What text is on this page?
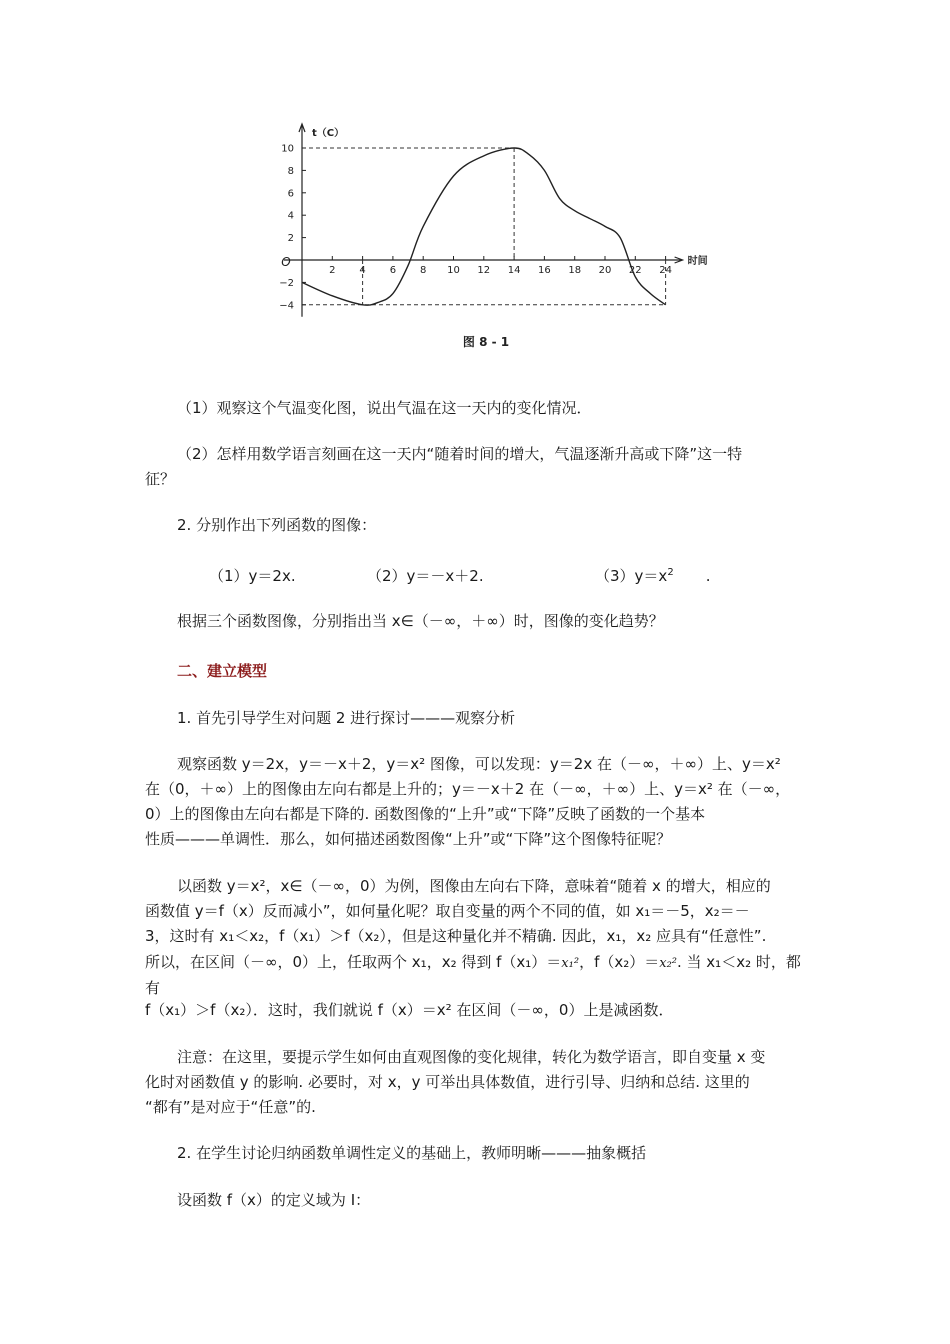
10
8
6
4
2
−2
−4
2 4 6 8 10 12 14 16 18 20 22 24
O
t（C）
时间
图 8 - 1

（1）观察这个气温变化图，说出气温在这一天内的变化情况．

（2）怎样用数学语言刻画在这一天内“随着时间的增大，气温逐渐升高或下降”这一特

征？

2. 分别作出下列函数的图像：

（1）y＝2x.	（2）y＝－x＋2.	$(3)y=x^2$ .

根据三个函数图像，分别指出当 x∈（－∞，＋∞）时，图像的变化趋势？

二、建立模型

1. 首先引导学生对问题 2 进行探讨———观察分析

观察函数 y＝2x，y＝－x＋2，y＝x² 图像，可以发现：y＝2x 在（－∞，＋∞）上、y＝x²

在（0，＋∞）上的图像由左向右都是上升的；y＝－x＋2 在（－∞，＋∞）上、y＝x² 在（－∞，

0）上的图像由左向右都是下降的. 函数图像的“上升”或“下降”反映了函数的一个基本

性质———单调性．那么，如何描述函数图像“上升”或“下降”这个图像特征呢？

以函数 y＝x²，x∈（－∞，0）为例，图像由左向右下降，意味着“随着 x 的增大，相应的

函数值 y＝f（x）反而减小”，如何量化呢？取自变量的两个不同的值，如 x₁＝－5，x₂＝－

3，这时有 x₁＜x₂，f（x₁）＞f（x₂），但是这种量化并不精确. 因此，x₁，x₂ 应具有“任意性”.

所以，在区间（－∞，0）上，任取两个 x₁，x₂ 得到 f（x₁）＝x₁²，f（x₂）＝x₂². 当 x₁＜x₂ 时，都有

f（x₁）＞f（x₂）．这时，我们就说 f（x）＝x² 在区间（－∞，0）上是减函数．

注意：在这里，要提示学生如何由直观图像的变化规律，转化为数学语言，即自变量 x 变

化时对函数值 y 的影响. 必要时，对 x，y 可举出具体数值，进行引导、归纳和总结. 这里的

“都有”是对应于“任意”的.

2. 在学生讨论归纳函数单调性定义的基础上，教师明晰———抽象概括

设函数 f（x）的定义域为 I：
